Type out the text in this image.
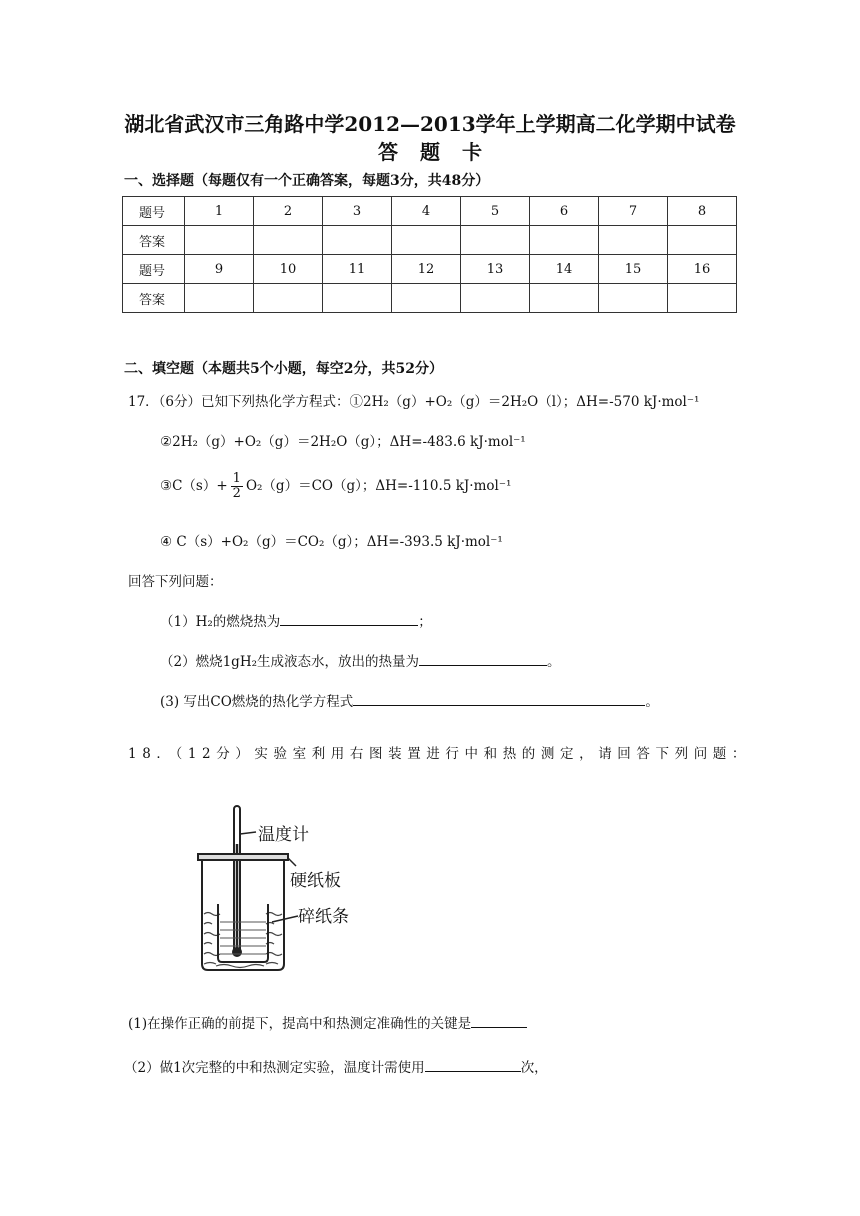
湖北省武汉市三角路中学2012—2013学年上学期高二化学期中试卷
答题卡
一、选择题（每题仅有一个正确答案，每题3分，共48分）
题号	1	2	3	4	5	6	7	8
答案								
题号	9	10	11	12	13	14	15	16
答案								
二、填空题（本题共5个小题，每空2分，共52分）
17．（6分）已知下列热化学方程式：①2H₂（g）+O₂（g）＝2H₂O（l）；ΔH=-570 kJ·mol⁻¹
②2H₂（g）+O₂（g）＝2H₂O（g）；ΔH=-483.6 kJ·mol⁻¹
③C（s）+ $\frac{1}{2} O_2(g)=CO(g)$；ΔH=-110.5 kJ·mol⁻¹
④ C（s）+O₂（g）＝CO₂（g）；ΔH=-393.5 kJ·mol⁻¹
回答下列问题：
（1）H₂的燃烧热为	；
（2）燃烧1gH₂生成液态水，放出的热量为	。
(3) 写出CO燃烧的热化学方程式	。
18．（12分）实验室利用右图装置进行中和热的测定，请回答下列问题：
温度计
硬纸板
碎纸条
(1)在操作正确的前提下，提高中和热测定准确性的关键是
（2）做1次完整的中和热测定实验，温度计需使用	次，
